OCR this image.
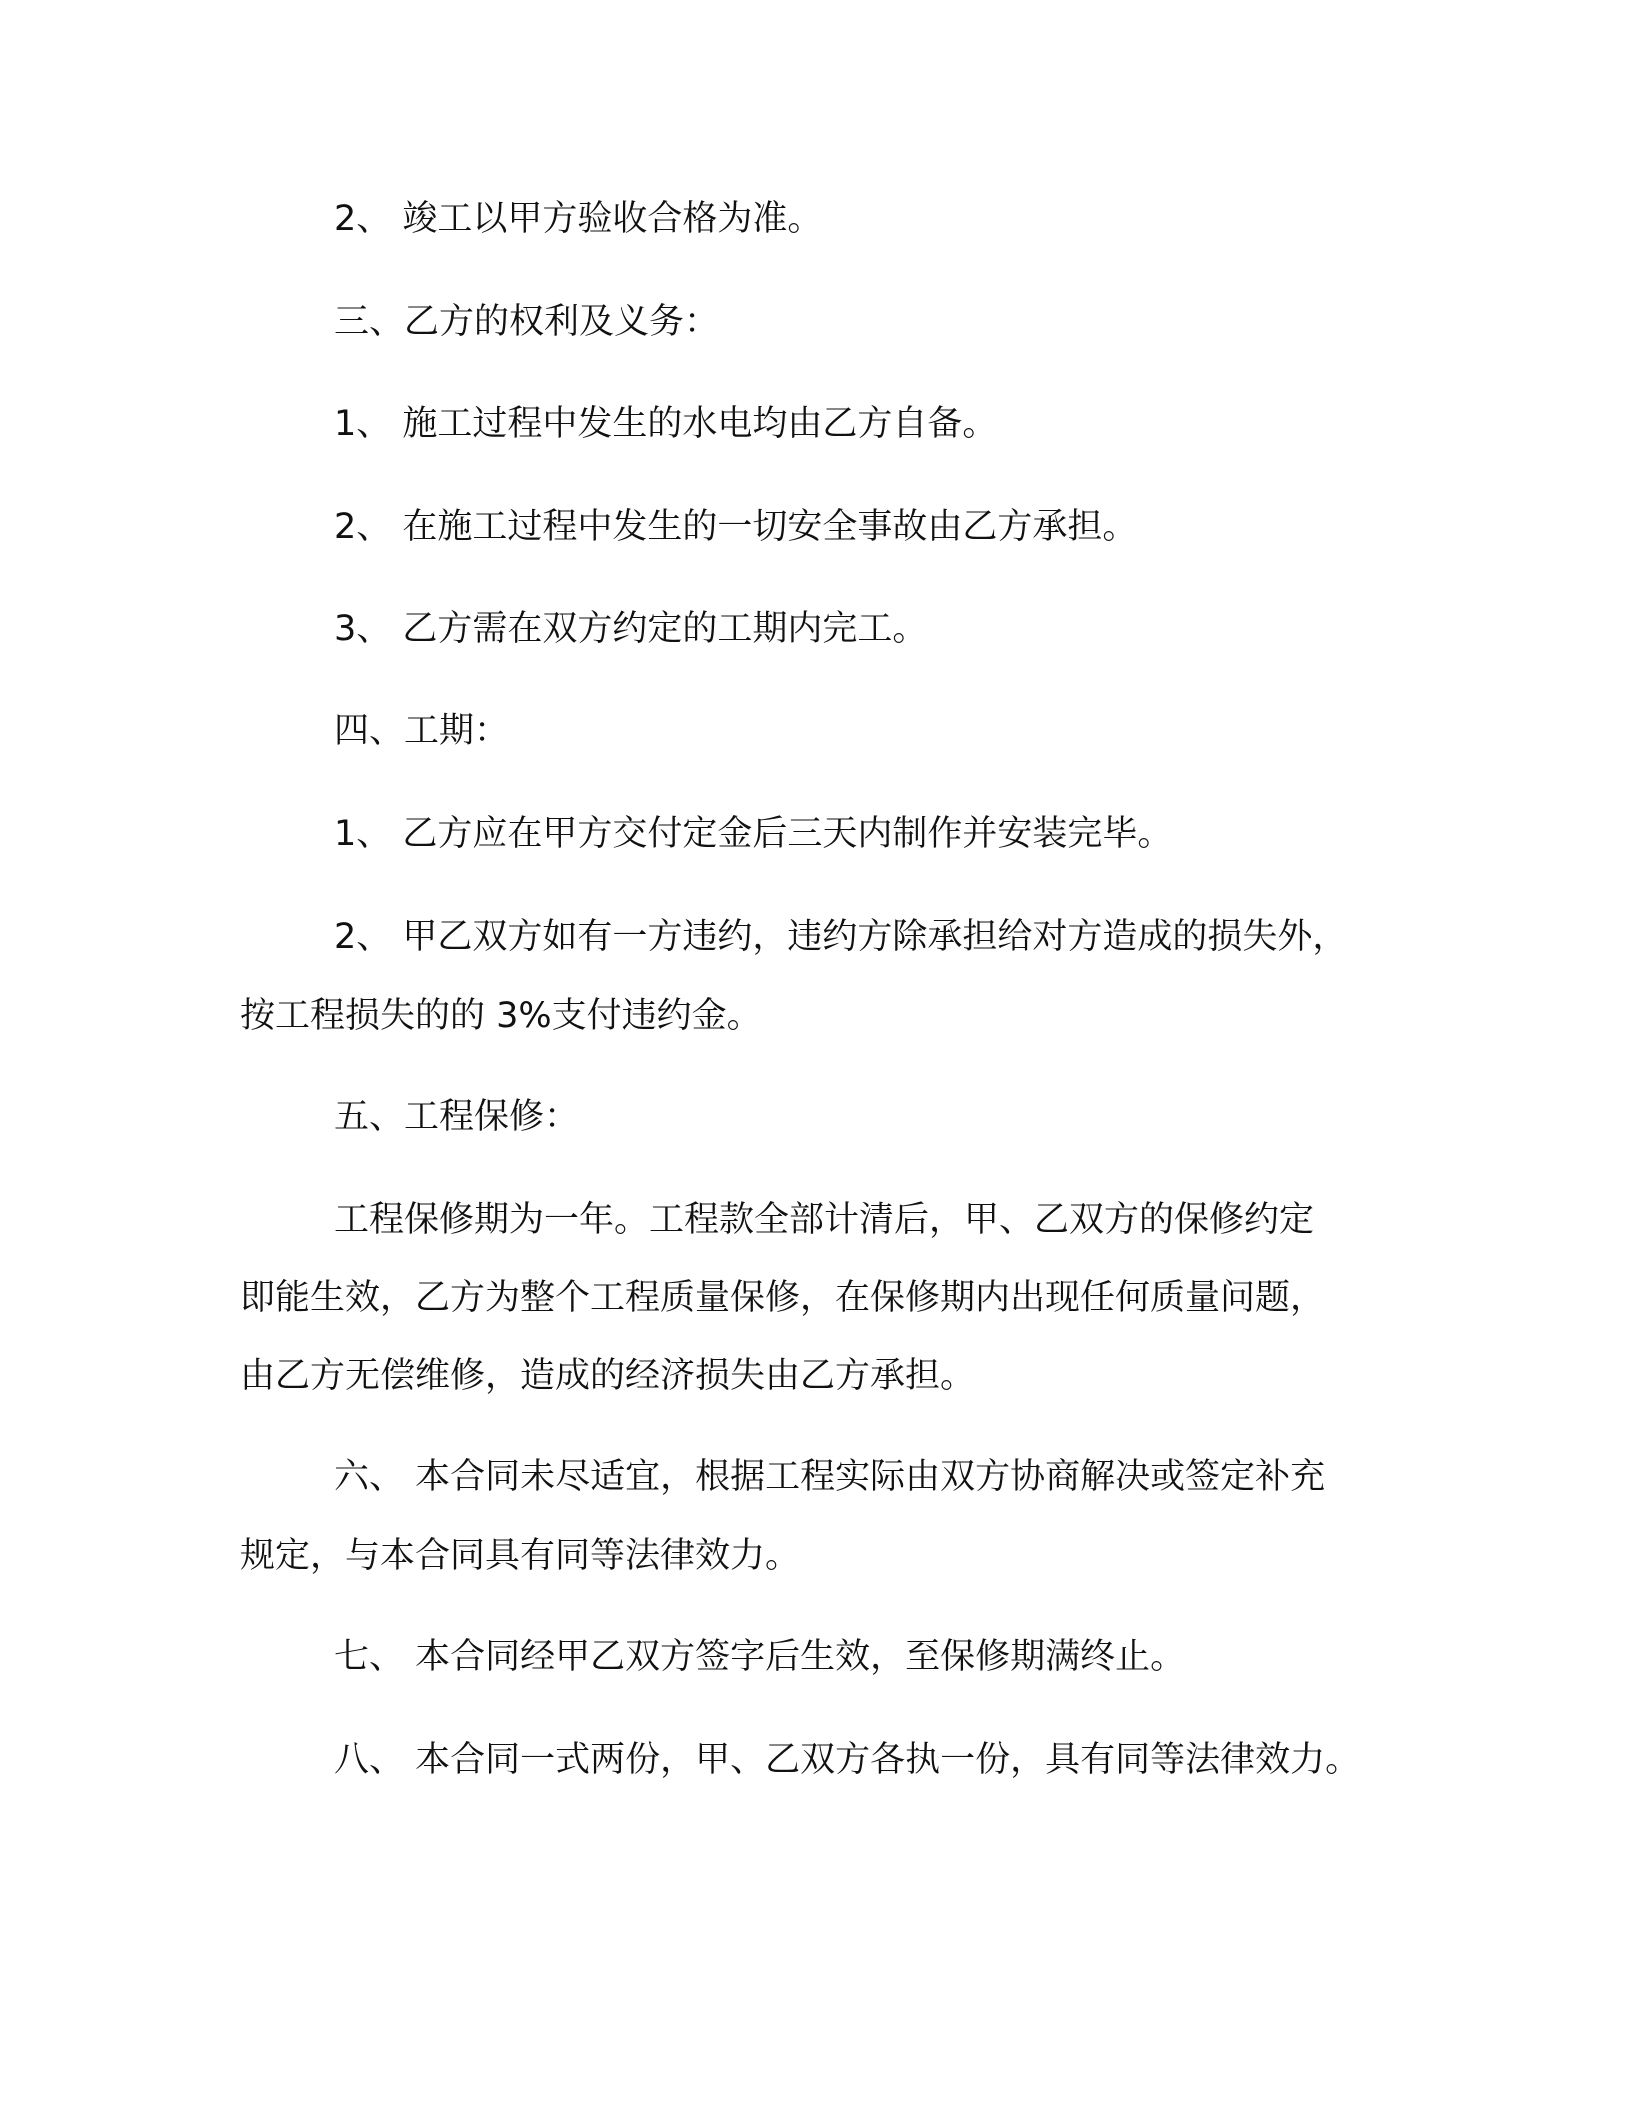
2、 竣工以甲方验收合格为准。

三、乙方的权利及义务：

1、 施工过程中发生的水电均由乙方自备。

2、 在施工过程中发生的一切安全事故由乙方承担。

3、 乙方需在双方约定的工期内完工。

四、工期：

1、 乙方应在甲方交付定金后三天内制作并安装完毕。

2、 甲乙双方如有一方违约，违约方除承担给对方造成的损失外，

按工程损失的的 3%支付违约金。

五、工程保修：

工程保修期为一年。工程款全部计清后，甲、乙双方的保修约定

即能生效，乙方为整个工程质量保修，在保修期内出现任何质量问题，

由乙方无偿维修，造成的经济损失由乙方承担。

六、 本合同未尽适宜，根据工程实际由双方协商解决或签定补充

规定，与本合同具有同等法律效力。

七、 本合同经甲乙双方签字后生效，至保修期满终止。

八、 本合同一式两份，甲、乙双方各执一份，具有同等法律效力。
